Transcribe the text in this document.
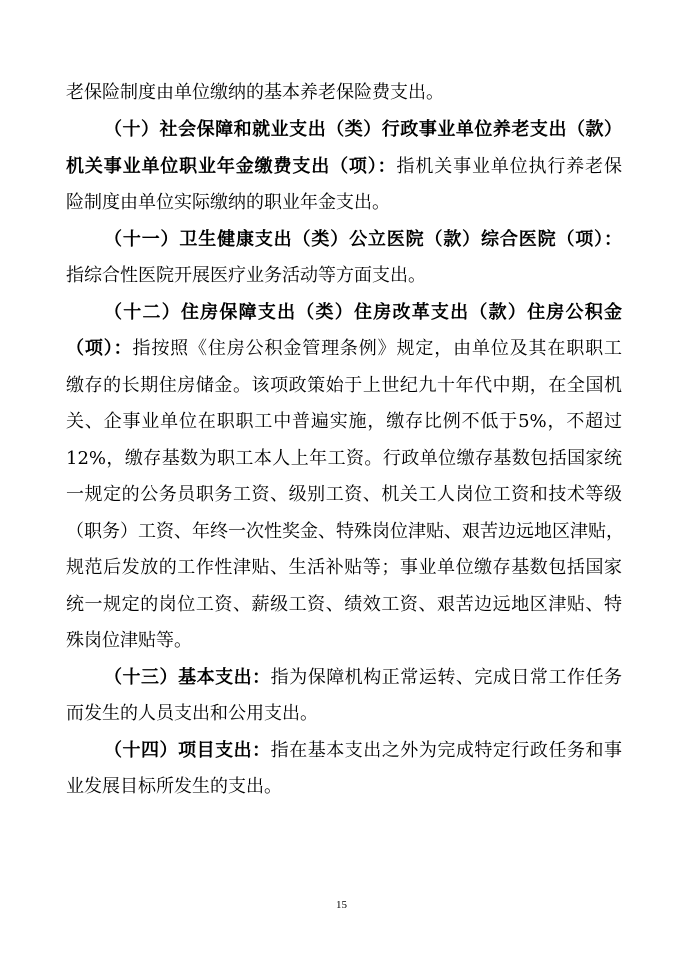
老保险制度由单位缴纳的基本养老保险费支出。
（十）社会保障和就业支出（类）行政事业单位养老支出（款）
机关事业单位职业年金缴费支出（项）：指机关事业单位执行养老保
险制度由单位实际缴纳的职业年金支出。
（十一）卫生健康支出（类）公立医院（款）综合医院（项）：
指综合性医院开展医疗业务活动等方面支出。
（十二）住房保障支出（类）住房改革支出（款）住房公积金
（项）：指按照《住房公积金管理条例》规定，由单位及其在职职工
缴存的长期住房储金。该项政策始于上世纪九十年代中期，在全国机
关、企事业单位在职职工中普遍实施，缴存比例不低于5%，不超过
12%，缴存基数为职工本人上年工资。行政单位缴存基数包括国家统
一规定的公务员职务工资、级别工资、机关工人岗位工资和技术等级
（职务）工资、年终一次性奖金、特殊岗位津贴、艰苦边远地区津贴，
规范后发放的工作性津贴、生活补贴等；事业单位缴存基数包括国家
统一规定的岗位工资、薪级工资、绩效工资、艰苦边远地区津贴、特
殊岗位津贴等。
（十三）基本支出：指为保障机构正常运转、完成日常工作任务
而发生的人员支出和公用支出。
（十四）项目支出：指在基本支出之外为完成特定行政任务和事
业发展目标所发生的支出。
15
